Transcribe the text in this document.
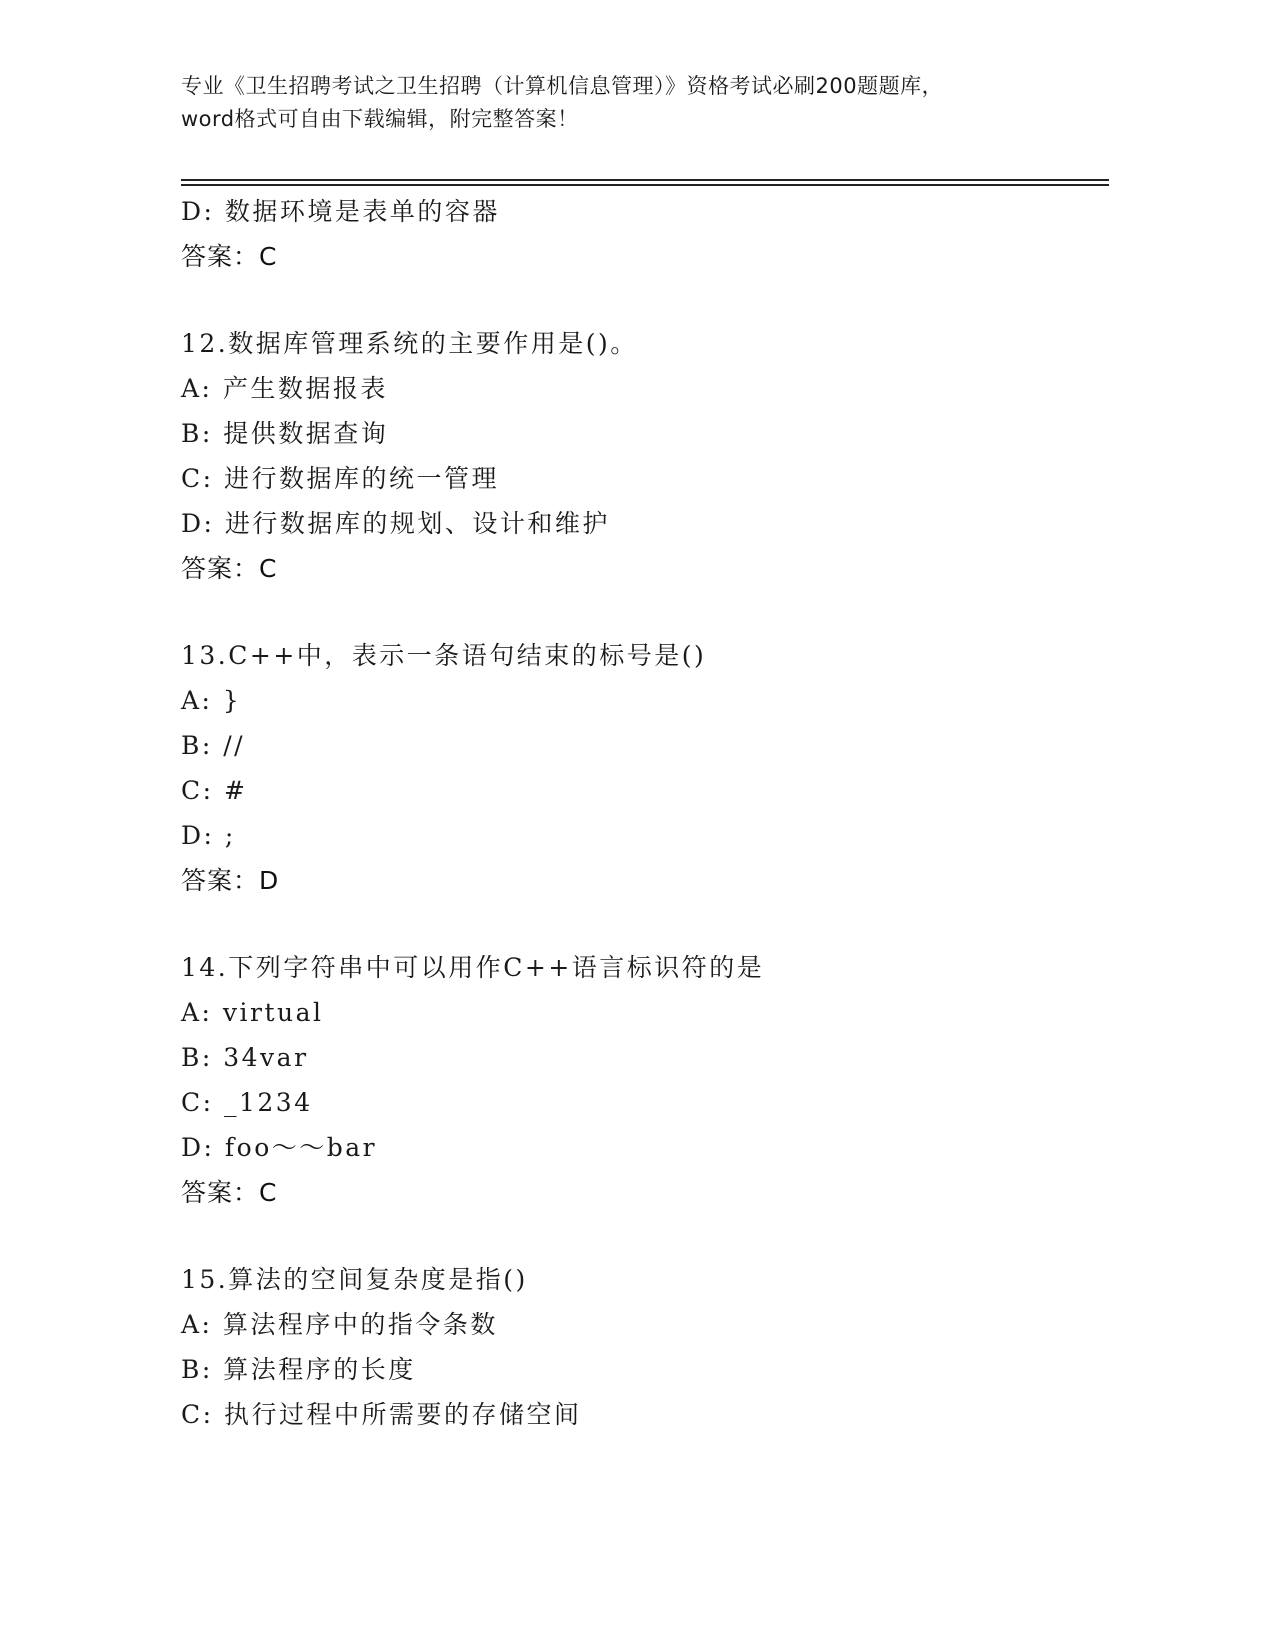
专业《卫生招聘考试之卫生招聘（计算机信息管理）》资格考试必刷200题题库，
word格式可自由下载编辑，附完整答案！
D: 数据环境是表单的容器
答案：C
12.数据库管理系统的主要作用是()。
A: 产生数据报表
B: 提供数据查询
C: 进行数据库的统一管理
D: 进行数据库的规划、设计和维护
答案：C
13.C++中，表示一条语句结束的标号是()
A: }
B: //
C: #
D: ;
答案：D
14.下列字符串中可以用作C++语言标识符的是
A: virtual
B: 34var
C: _1234
D: foo～～bar
答案：C
15.算法的空间复杂度是指()
A: 算法程序中的指令条数
B: 算法程序的长度
C: 执行过程中所需要的存储空间
